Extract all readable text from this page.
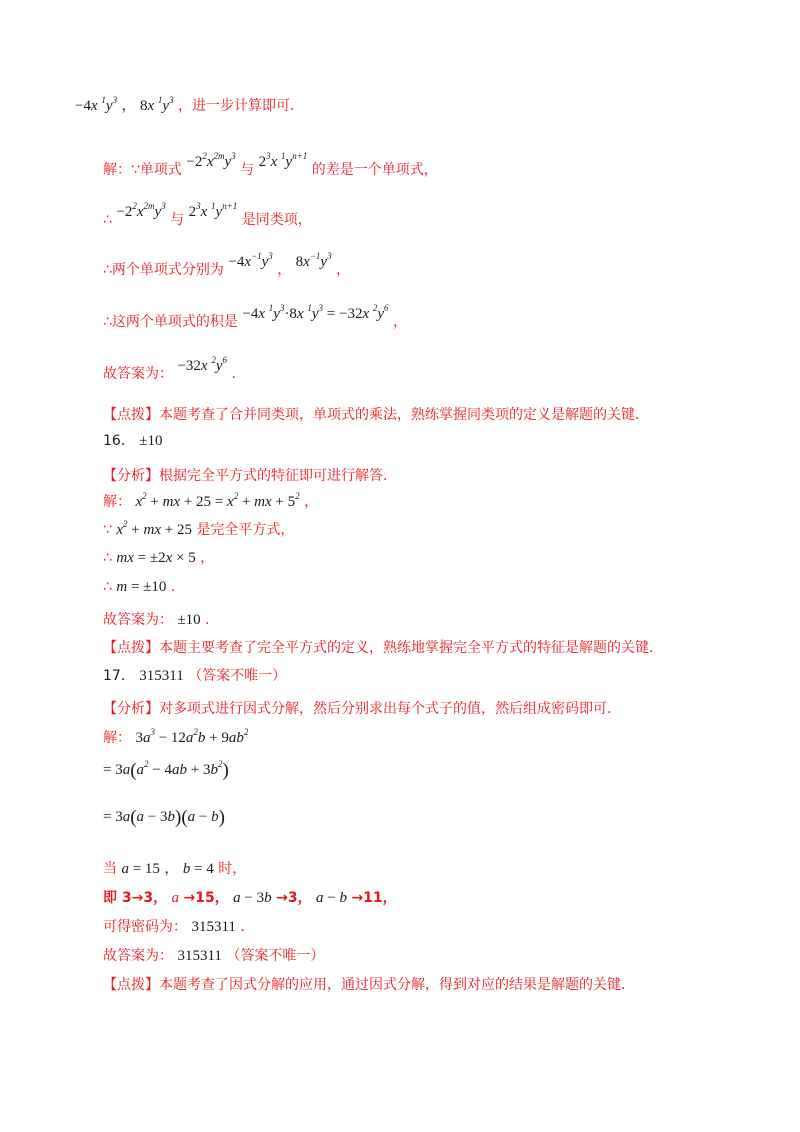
−4x $^1y^3$ ， 8x $^1y^3$ ，进一步计算即可．
解：∵单项式 $-2^2x^{2m}y^3$ 与 $2^3x$ $^1y^{n+1}$ 的差是一个单项式，
∴ $-2^2x^{2m}y^3$ 与 $2^3x$ $^1y^{n+1}$ 是同类项，
∴两个单项式分别为 $-4x^{-1}y^3$ ， $8x^{-1}y^3$ ，
∴这两个单项式的积是 −4x $^1y^3\cdot 8x$ $^1y^3 = -32x$ $^2y^6$ ，
故答案为： −32x $^2y^6$ ．
【点拨】本题考查了合并同类项，单项式的乘法，熟练掌握同类项的定义是解题的关键．
16． ±10
【分析】根据完全平方式的特征即可进行解答．
解： $x^2$ + mx + $25 = x^2$ + mx + $5^2$ ，
∵ $x^2$ + mx + 25 是完全平方式，
∴ mx = ±2x × 5 ，
∴ m = ±10 ．
故答案为： ±10 ．
【点拨】本题主要考查了完全平方式的定义，熟练地掌握完全平方式的特征是解题的关键．
17． 315311 （答案不唯一）
【分析】对多项式进行因式分解，然后分别求出每个式子的值，然后组成密码即可．
解： $3a^3 - 12a^2b + 9ab^2$
= $3a(a^2 - 4ab + 3b^2)$
= 3a(a − 3b)(a − b)
当 a = 15 ， b = 4 时，
即 3→3， a →15， a − 3b →3， a − b →11，
可得密码为： 315311 ．
故答案为： 315311 （答案不唯一）
【点拨】本题考查了因式分解的应用，通过因式分解，得到对应的结果是解题的关键．
